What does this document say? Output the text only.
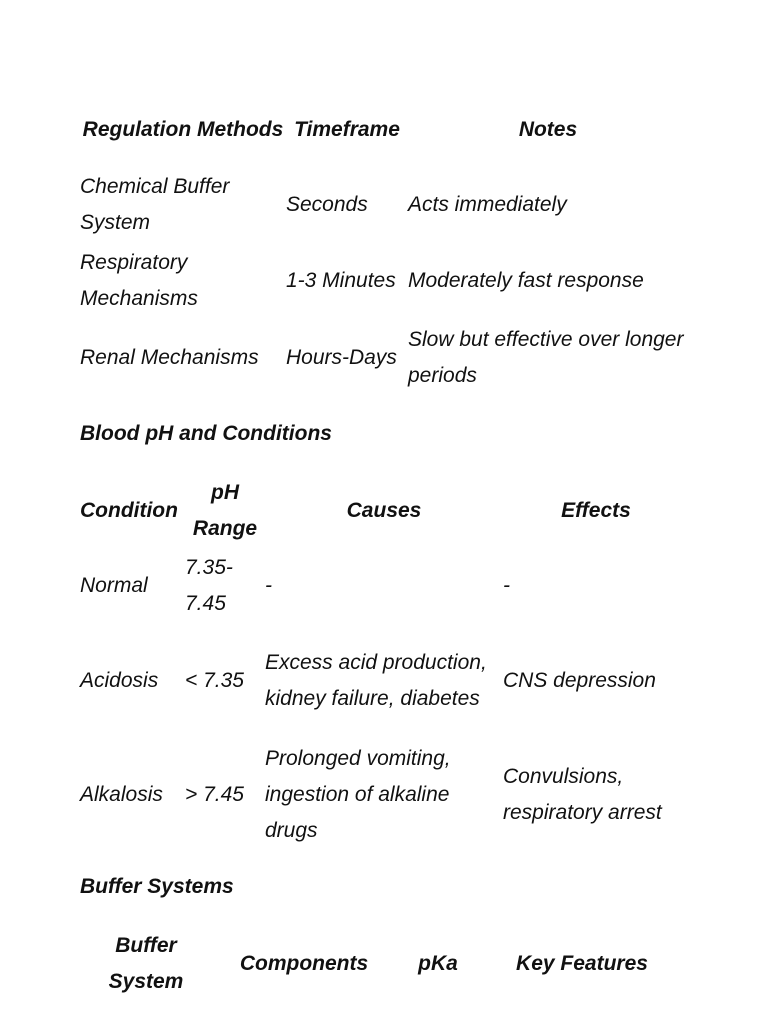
Regulation Methods	Timeframe	Notes
Chemical Buffer System	Seconds	Acts immediately
Respiratory Mechanisms	1-3 Minutes	Moderately fast response
Renal Mechanisms	Hours-Days	Slow but effective over longer periods
Blood pH and Conditions
Condition	pH Range	Causes	Effects
Normal	7.35-7.45	-	-
Acidosis	< 7.35	Excess acid production, kidney failure, diabetes	CNS depression
Alkalosis	> 7.45	Prolonged vomiting, ingestion of alkaline drugs	Convulsions, respiratory arrest
Buffer Systems
Buffer System	Components	pKa	Key Features
